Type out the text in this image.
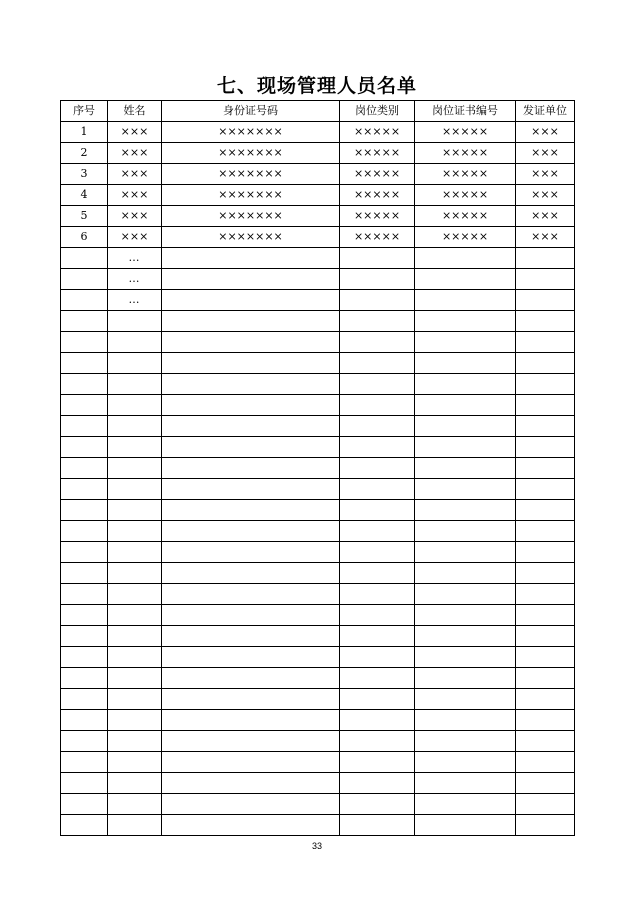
七、现场管理人员名单
序号	姓名	身份证号码	岗位类别	岗位证书编号	发证单位
1	×××	×××××××	×××××	×××××	×××
2	×××	×××××××	×××××	×××××	×××
3	×××	×××××××	×××××	×××××	×××
4	×××	×××××××	×××××	×××××	×××
5	×××	×××××××	×××××	×××××	×××
6	×××	×××××××	×××××	×××××	×××
	…				
	…				
	…				

33
